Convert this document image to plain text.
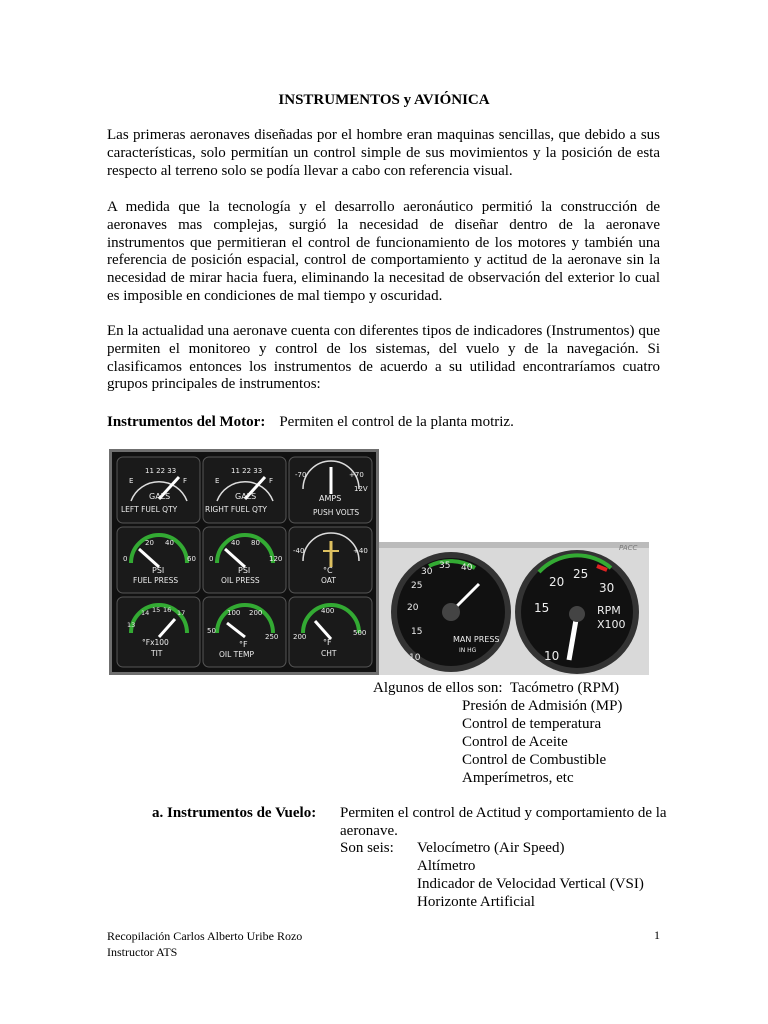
INSTRUMENTOS y AVIÓNICA
Las primeras aeronaves diseñadas por el hombre eran maquinas sencillas, que debido a sus características, solo permitían un control simple de sus movimientos y la posición de esta respecto al terreno solo se podía llevar a cabo con referencia visual.
A medida que la tecnología y el desarrollo aeronáutico permitió la construcción de aeronaves mas complejas, surgió la necesidad de diseñar dentro de la aeronave instrumentos que permitieran el control de funcionamiento de los motores y también una referencia de posición espacial, control de comportamiento y actitud de la aeronave sin la necesidad de mirar hacia fuera, eliminando la necesitad de observación del exterior lo cual es imposible en condiciones de mal tiempo y oscuridad.
En la actualidad una aeronave cuenta con diferentes tipos de indicadores (Instrumentos) que permiten el monitoreo y control de los sistemas, del vuelo y de la navegación. Si clasificamos entonces los instrumentos de acuerdo a su utilidad encontraríamos cuatro grupos principales de instrumentos:
Instrumentos del Motor: Permiten el control de la planta motriz.
E
11 22 33
F
GALS
LEFT FUEL QTY
E
11 22 33
F
GALS
RIGHT FUEL QTY
-70	+70
12V
AMPS
PUSH VOLTS
20 40
0	60
PSI
FUEL PRESS
40 80
0	120
PSI
OIL PRESS
-40	+40
°C
OAT
14 15 16 17
13
°Fx100
TIT
100 200
50
250
°F
OIL TEMP
400
200	500
°F
CHT
PACC
10
15
20
25
30
35 40
MAN PRESS
IN HG	10
15
20
25
30
RPM
X100
Algunos de ellos son: Tacómetro (RPM)
Presión de Admisión (MP)
Control de temperatura
Control de Aceite
Control de Combustible
Amperímetros, etc
a. Instrumentos de Vuelo: Permiten el control de Actitud y comportamiento de la aeronave.
Son seis: Velocímetro (Air Speed)
Altímetro
Indicador de Velocidad Vertical (VSI)
Horizonte Artificial
Recopilación Carlos Alberto Uribe Rozo
Instructor ATS
1
